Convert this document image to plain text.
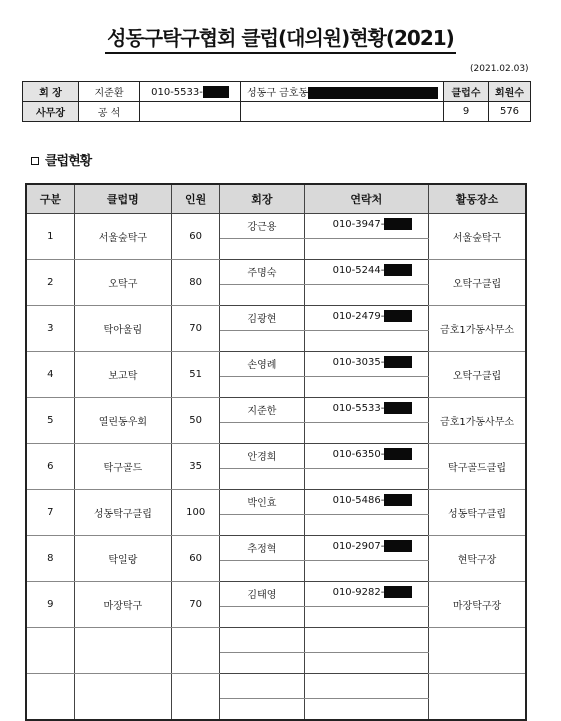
성동구탁구협회 클럽(대의원)현황(2021)
(2021.02.03)
회 장	지준환	010-5533-	성동구 금호동	클럽수	회원수
사무장	공 석			9	576
클럽현황
구분	클럽명	인원	회장	연락처	활동장소
1	서울숲탁구	60	강근용	010-3947-	서울숲탁구

2	오탁구	80	주명숙	010-5244-	오탁구클립

3	탁아울림	70	김광현	010-2479-	금호1가동사무소

4	보고탁	51	손영례	010-3035-	오탁구클립

5	열린동우회	50	지준한	010-5533-	금호1가동사무소

6	탁구골드	35	안경희	010-6350-	탁구골드클립

7	성동탁구클립	100	박인효	010-5486-	성동탁구클립

8	탁일랑	60	추정혁	010-2907-	현탁구장

9	마장탁구	70	김태영	010-9282-	마장탁구장
